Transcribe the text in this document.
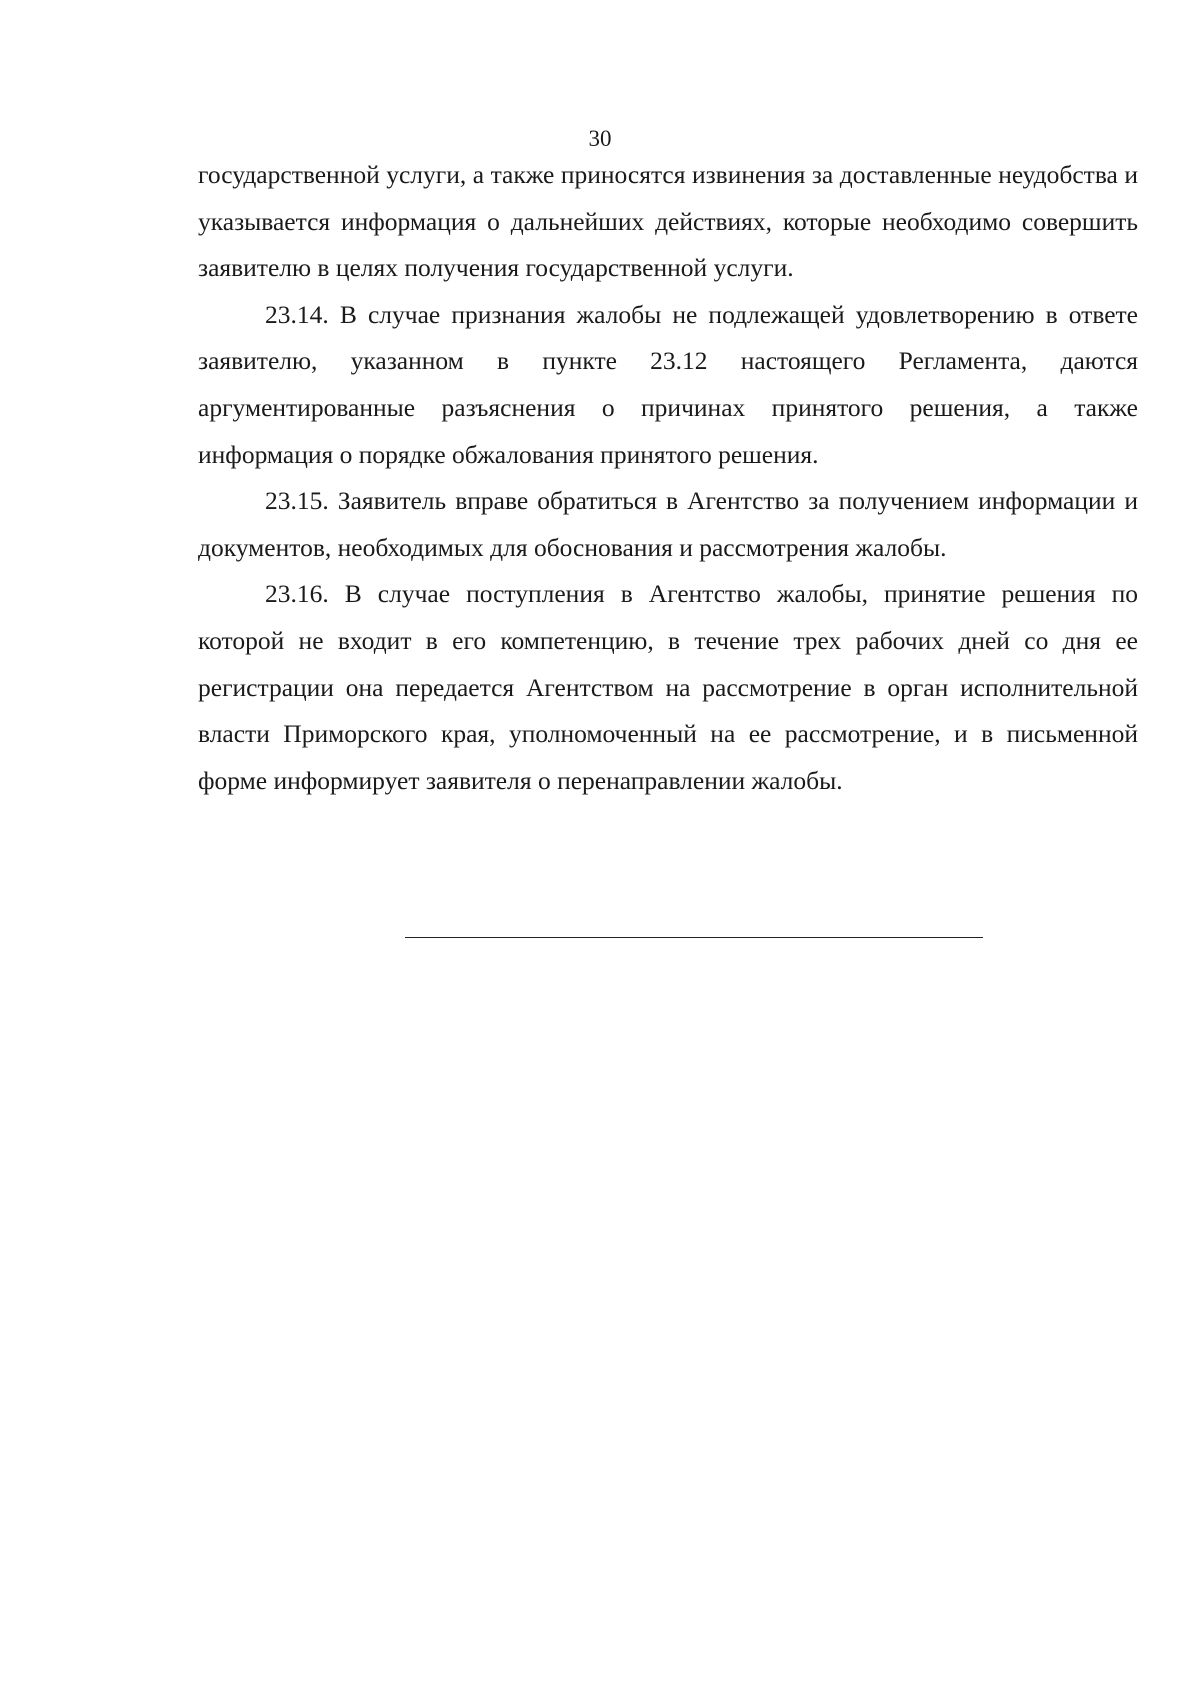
30

государственной услуги, а также приносятся извинения за доставленные неудобства и указывается информация о дальнейших действиях, которые необходимо совершить заявителю в целях получения государственной услуги.

23.14. В случае признания жалобы не подлежащей удовлетворению в ответе заявителю, указанном в пункте 23.12 настоящего Регламента, даются аргументированные разъяснения о причинах принятого решения, а также информация о порядке обжалования принятого решения.

23.15. Заявитель вправе обратиться в Агентство за получением информации и документов, необходимых для обоснования и рассмотрения жалобы.

23.16. В случае поступления в Агентство жалобы, принятие решения по которой не входит в его компетенцию, в течение трех рабочих дней со дня ее регистрации она передается Агентством на рассмотрение в орган исполнительной власти Приморского края, уполномоченный на ее рассмотрение, и в письменной форме информирует заявителя о перенаправлении жалобы.
